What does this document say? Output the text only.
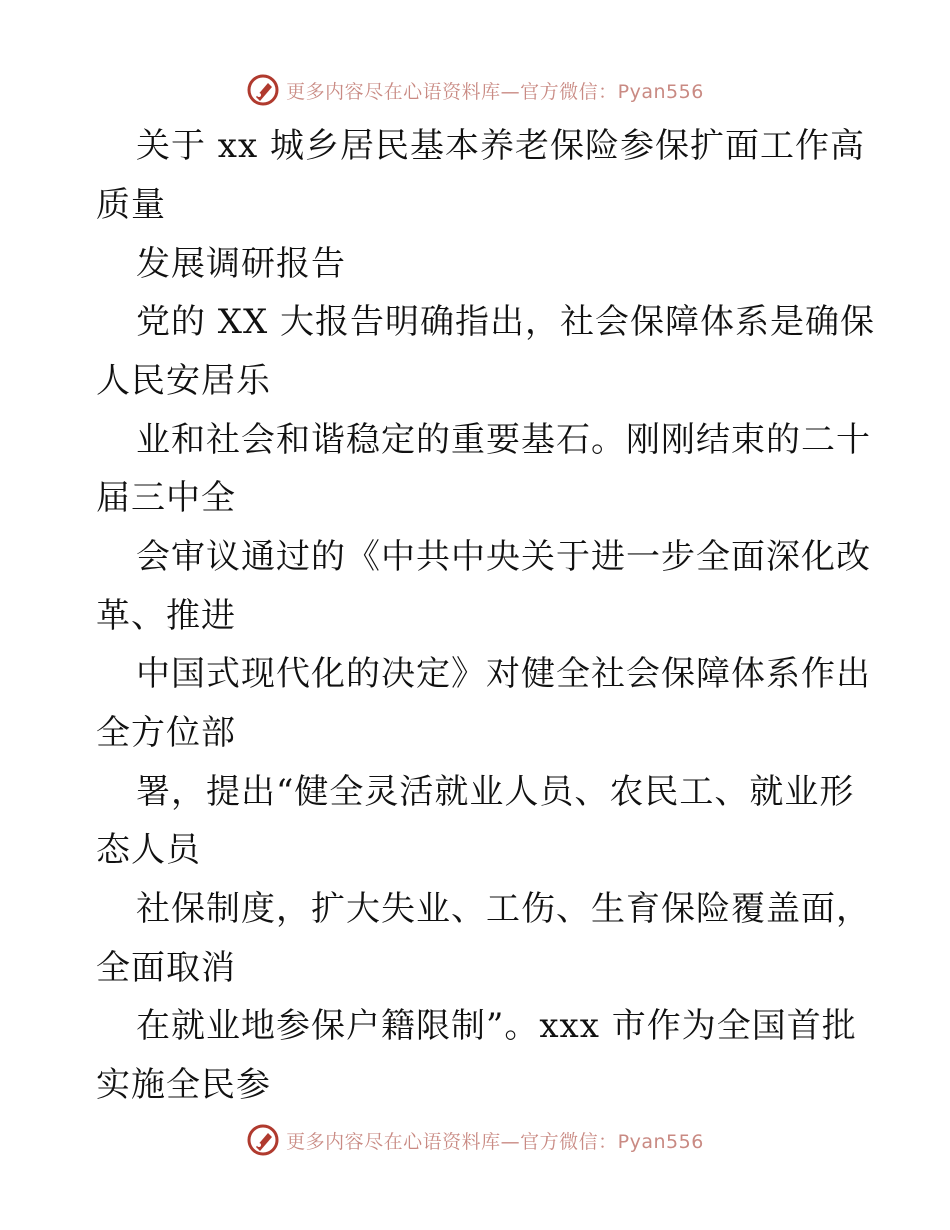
更多内容尽在心语资料库—官方微信：Pyan556
关于 xx 城乡居民基本养老保险参保扩面工作高
质量
发展调研报告
党的 XX 大报告明确指出，社会保障体系是确保
人民安居乐
业和社会和谐稳定的重要基石。刚刚结束的二十
届三中全
会审议通过的《中共中央关于进一步全面深化改
革、推进
中国式现代化的决定》对健全社会保障体系作出
全方位部
署，提出“健全灵活就业人员、农民工、就业形
态人员
社保制度，扩大失业、工伤、生育保险覆盖面，
全面取消
在就业地参保户籍限制”。xxx 市作为全国首批
实施全民参
更多内容尽在心语资料库—官方微信：Pyan556
